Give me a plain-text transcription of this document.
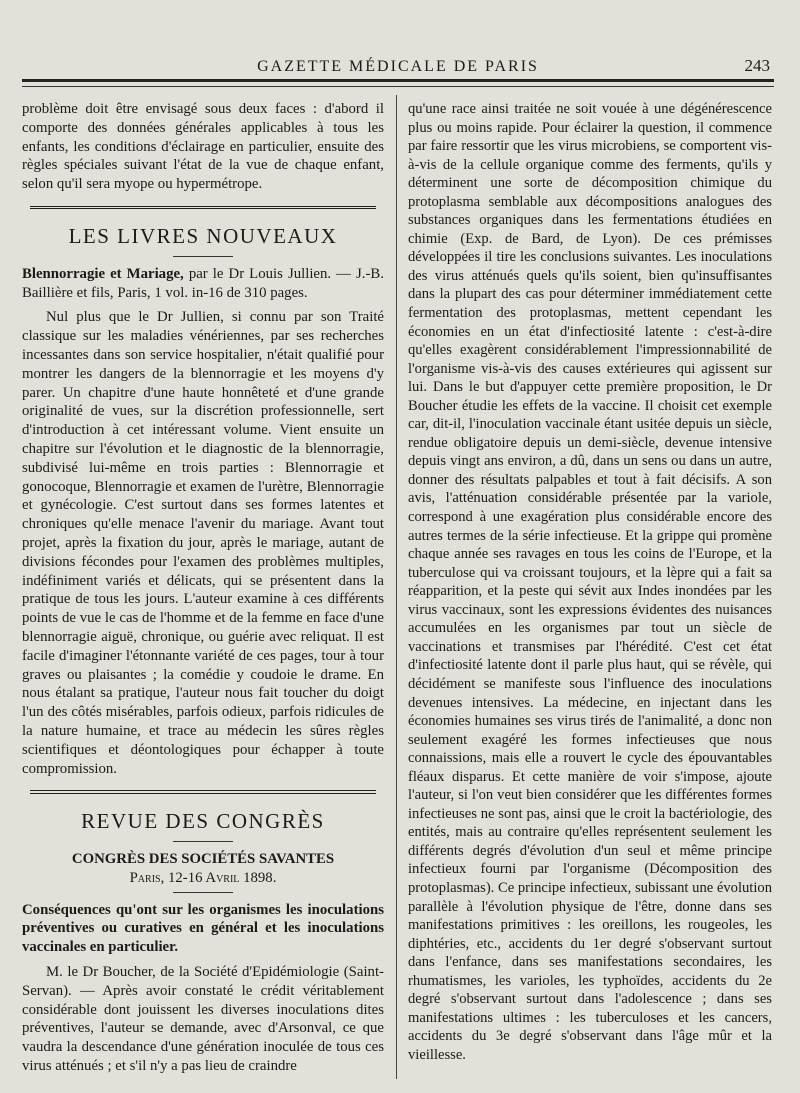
GAZETTE MÉDICALE DE PARIS	243

problème doit être envisagé sous deux faces : d'abord il comporte des données générales applicables à tous les enfants, les conditions d'éclairage en particulier, ensuite des règles spéciales suivant l'état de la vue de chaque enfant, selon qu'il sera myope ou hypermétrope.

LES LIVRES NOUVEAUX

Blennorragie et Mariage, par le Dr Louis Jullien. — J.-B. Baillière et fils, Paris, 1 vol. in-16 de 310 pages.

Nul plus que le Dr Jullien, si connu par son Traité classique sur les maladies vénériennes, par ses recherches incessantes dans son service hospitalier, n'était qualifié pour montrer les dangers de la blennorragie et les moyens d'y parer. Un chapitre d'une haute honnêteté et d'une grande originalité de vues, sur la discrétion professionnelle, sert d'introduction à cet intéressant volume. Vient ensuite un chapitre sur l'évolution et le diagnostic de la blennorragie, subdivisé lui-même en trois parties : Blennorragie et gonocoque, Blennorragie et examen de l'urètre, Blennorragie et gynécologie. C'est surtout dans ses formes latentes et chroniques qu'elle menace l'avenir du mariage. Avant tout projet, après la fixation du jour, après le mariage, autant de divisions fécondes pour l'examen des problèmes multiples, indéfiniment variés et délicats, qui se présentent dans la pratique de tous les jours. L'auteur examine à ces différents points de vue le cas de l'homme et de la femme en face d'une blennorragie aiguë, chronique, ou guérie avec reliquat. Il est facile d'imaginer l'étonnante variété de ces pages, tour à tour graves ou plaisantes ; la comédie y coudoie le drame. En nous étalant sa pratique, l'auteur nous fait toucher du doigt l'un des côtés misérables, parfois odieux, parfois ridicules de la nature humaine, et trace au médecin les sûres règles scientifiques et déontologiques pour échapper à toute compromission.

REVUE DES CONGRÈS

CONGRÈS DES SOCIÉTÉS SAVANTES

Paris, 12-16 Avril 1898.

Conséquences qu'ont sur les organismes les inoculations préventives ou curatives en général et les inoculations vaccinales en particulier.

M. le Dr Boucher, de la Société d'Epidémiologie (Saint-Servan). — Après avoir constaté le crédit véritablement considérable dont jouissent les diverses inoculations dites préventives, l'auteur se demande, avec d'Arsonval, ce que vaudra la descendance d'une génération inoculée de tous ces virus atténués ; et s'il n'y a pas lieu de craindre

qu'une race ainsi traitée ne soit vouée à une dégénérescence plus ou moins rapide. Pour éclairer la question, il commence par faire ressortir que les virus microbiens, se comportent vis-à-vis de la cellule organique comme des ferments, qu'ils y déterminent une sorte de décomposition chimique du protoplasma semblable aux décompositions analogues des substances organiques dans les fermentations étudiées en chimie (Exp. de Bard, de Lyon). De ces prémisses développées il tire les conclusions suivantes. Les inoculations des virus atténués quels qu'ils soient, bien qu'insuffisantes dans la plupart des cas pour déterminer immédiatement cette fermentation des protoplasmas, mettent cependant les économies en un état d'infectiosité latente : c'est-à-dire qu'elles exagèrent considérablement l'impressionnabilité de l'organisme vis-à-vis des causes extérieures qui agissent sur lui. Dans le but d'appuyer cette première proposition, le Dr Boucher étudie les effets de la vaccine. Il choisit cet exemple car, dit-il, l'inoculation vaccinale étant usitée depuis un siècle, rendue obligatoire depuis un demi-siècle, devenue intensive depuis vingt ans environ, a dû, dans un sens ou dans un autre, donner des résultats palpables et tout à fait décisifs. A son avis, l'atténuation considérable présentée par la variole, correspond à une exagération plus considérable encore des autres termes de la série infectieuse. Et la grippe qui promène chaque année ses ravages en tous les coins de l'Europe, et la tuberculose qui va croissant toujours, et la lèpre qui a fait sa réapparition, et la peste qui sévit aux Indes inondées par les virus vaccinaux, sont les expressions évidentes des nuisances accumulées en les organismes par tout un siècle de vaccinations et transmises par l'hérédité. C'est cet état d'infectiosité latente dont il parle plus haut, qui se révèle, qui décidément se manifeste sous l'influence des inoculations devenues intensives. La médecine, en injectant dans les économies humaines ses virus tirés de l'animalité, a donc non seulement exagéré les formes infectieuses que nous connaissions, mais elle a rouvert le cycle des épouvantables fléaux disparus. Et cette manière de voir s'impose, ajoute l'auteur, si l'on veut bien considérer que les différentes formes infectieuses ne sont pas, ainsi que le croit la bactériologie, des entités, mais au contraire qu'elles représentent seulement les différents degrés d'évolution d'un seul et même principe infectieux fourni par l'organisme (Décomposition des protoplasmas). Ce principe infectieux, subissant une évolution parallèle à l'évolution physique de l'être, donne dans ses manifestations primitives : les oreillons, les rougeoles, les diphtéries, etc., accidents du 1er degré s'observant surtout dans l'enfance, dans ses manifestations secondaires, les rhumatismes, les varioles, les typhoïdes, accidents du 2e degré s'observant surtout dans l'adolescence ; dans ses manifestations ultimes : les tuberculoses et les cancers, accidents du 3e degré s'observant dans l'âge mûr et la vieillesse.
